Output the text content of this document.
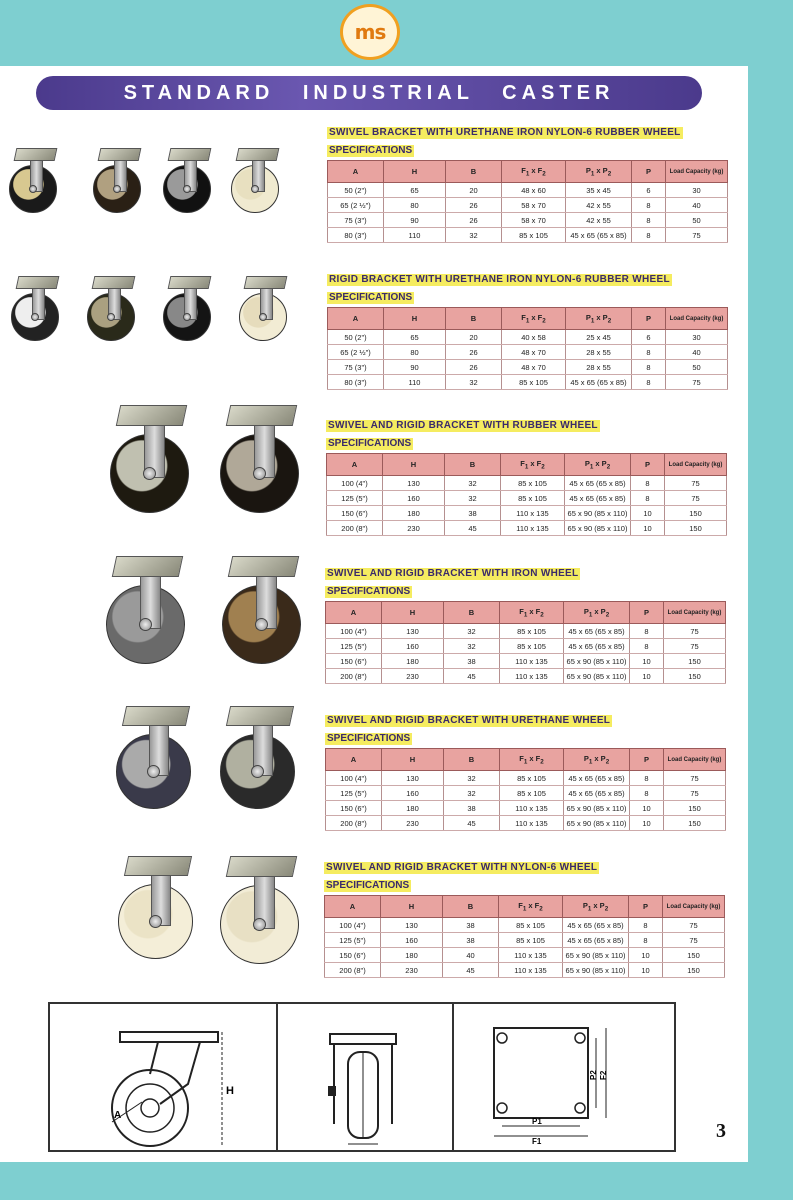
ms
STANDARD INDUSTRIAL CASTER
SWIVEL BRACKET WITH URETHANE IRON NYLON-6 RUBBER WHEEL
SPECIFICATIONS
A	H	B	$F_1$ x $F_2$	$P_1$ x $P_2$	P	Load Capacity (kg)
50 (2")	65	20	48 x 60	35 x 45	6	30
65 (2 ½")	80	26	58 x 70	42 x 55	8	40
75 (3")	90	26	58 x 70	42 x 55	8	50
80 (3")	110	32	85 x 105	45 x 65 (65 x 85)	8	75
RIGID BRACKET WITH URETHANE IRON NYLON-6 RUBBER WHEEL
SPECIFICATIONS
A	H	B	$F_1$ x $F_2$	$P_1$ x $P_2$	P	Load Capacity (kg)
50 (2")	65	20	40 x 58	25 x 45	6	30
65 (2 ½")	80	26	48 x 70	28 x 55	8	40
75 (3")	90	26	48 x 70	28 x 55	8	50
80 (3")	110	32	85 x 105	45 x 65 (65 x 85)	8	75
SWIVEL AND RIGID BRACKET WITH RUBBER WHEEL
SPECIFICATIONS
A	H	B	$F_1$ x $F_2$	$P_1$ x $P_2$	P	Load Capacity (kg)
100 (4")	130	32	85 x 105	45 x 65 (65 x 85)	8	75
125 (5")	160	32	85 x 105	45 x 65 (65 x 85)	8	75
150 (6")	180	38	110 x 135	65 x 90 (85 x 110)	10	150
200 (8")	230	45	110 x 135	65 x 90 (85 x 110)	10	150
SWIVEL AND RIGID BRACKET WITH IRON WHEEL
SPECIFICATIONS
A	H	B	$F_1$ x $F_2$	$P_1$ x $P_2$	P	Load Capacity (kg)
100 (4")	130	32	85 x 105	45 x 65 (65 x 85)	8	75
125 (5")	160	32	85 x 105	45 x 65 (65 x 85)	8	75
150 (6")	180	38	110 x 135	65 x 90 (85 x 110)	10	150
200 (8")	230	45	110 x 135	65 x 90 (85 x 110)	10	150
SWIVEL AND RIGID BRACKET WITH URETHANE WHEEL
SPECIFICATIONS
A	H	B	$F_1$ x $F_2$	$P_1$ x $P_2$	P	Load Capacity (kg)
100 (4")	130	32	85 x 105	45 x 65 (65 x 85)	8	75
125 (5")	160	32	85 x 105	45 x 65 (65 x 85)	8	75
150 (6")	180	38	110 x 135	65 x 90 (85 x 110)	10	150
200 (8")	230	45	110 x 135	65 x 90 (85 x 110)	10	150
SWIVEL AND RIGID BRACKET WITH NYLON-6 WHEEL
SPECIFICATIONS
A	H	B	$F_1$ x $F_2$	$P_1$ x $P_2$	P	Load Capacity (kg)
100 (4")	130	38	85 x 105	45 x 65 (65 x 85)	8	75
125 (5")	160	38	85 x 105	45 x 65 (65 x 85)	8	75
150 (6")	180	40	110 x 135	65 x 90 (85 x 110)	10	150
200 (8")	230	45	110 x 135	65 x 90 (85 x 110)	10	150
H
A
P1
F1
P2 F2
3
